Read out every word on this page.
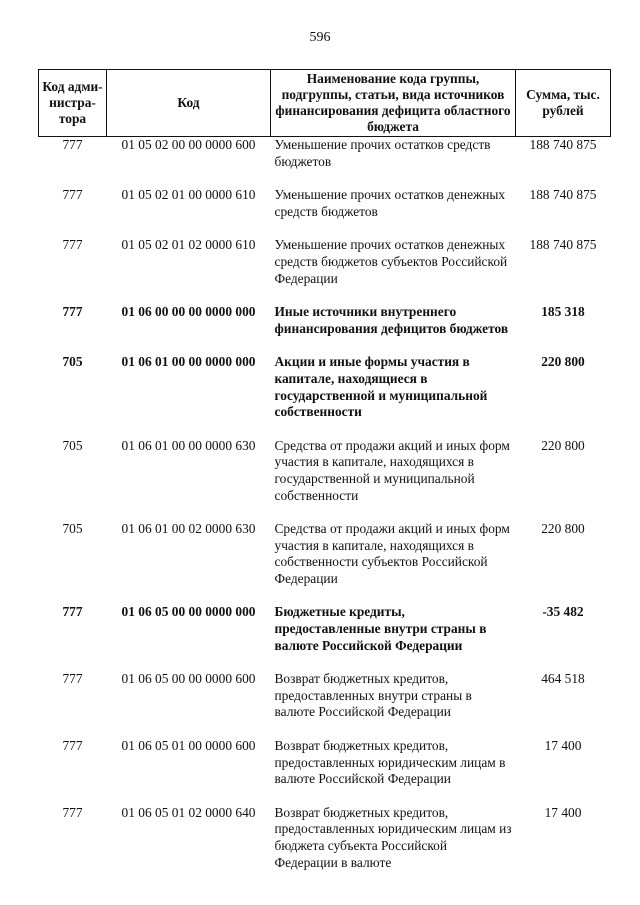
596
Код адми-нистра-тора	Код	Наименование кода группы, подгруппы, статьи, вида источников финансирования дефицита областного бюджета	Сумма, тыс. рублей
777	01 05 02 00 00 0000 600	Уменьшение прочих остатков средств бюджетов	188 740 875
777	01 05 02 01 00 0000 610	Уменьшение прочих остатков денежных средств бюджетов	188 740 875
777	01 05 02 01 02 0000 610	Уменьшение прочих остатков денежных средств бюджетов субъектов Российской Федерации	188 740 875
777	01 06 00 00 00 0000 000	Иные источники внутреннего финансирования дефицитов бюджетов	185 318
705	01 06 01 00 00 0000 000	Акции и иные формы участия в капитале, находящиеся в государственной и муниципальной собственности	220 800
705	01 06 01 00 00 0000 630	Средства от продажи акций и иных форм участия в капитале, находящихся в государственной и муниципальной собственности	220 800
705	01 06 01 00 02 0000 630	Средства от продажи акций и иных форм участия в капитале, находящихся в собственности субъектов Российской Федерации	220 800
777	01 06 05 00 00 0000 000	Бюджетные кредиты, предоставленные внутри страны в валюте Российской Федерации	-35 482
777	01 06 05 00 00 0000 600	Возврат бюджетных кредитов, предоставленных внутри страны в валюте Российской Федерации	464 518
777	01 06 05 01 00 0000 600	Возврат бюджетных кредитов, предоставленных юридическим лицам в валюте Российской Федерации	17 400
777	01 06 05 01 02 0000 640	Возврат бюджетных кредитов, предоставленных юридическим лицам из бюджета субъекта Российской Федерации в валюте	17 400
